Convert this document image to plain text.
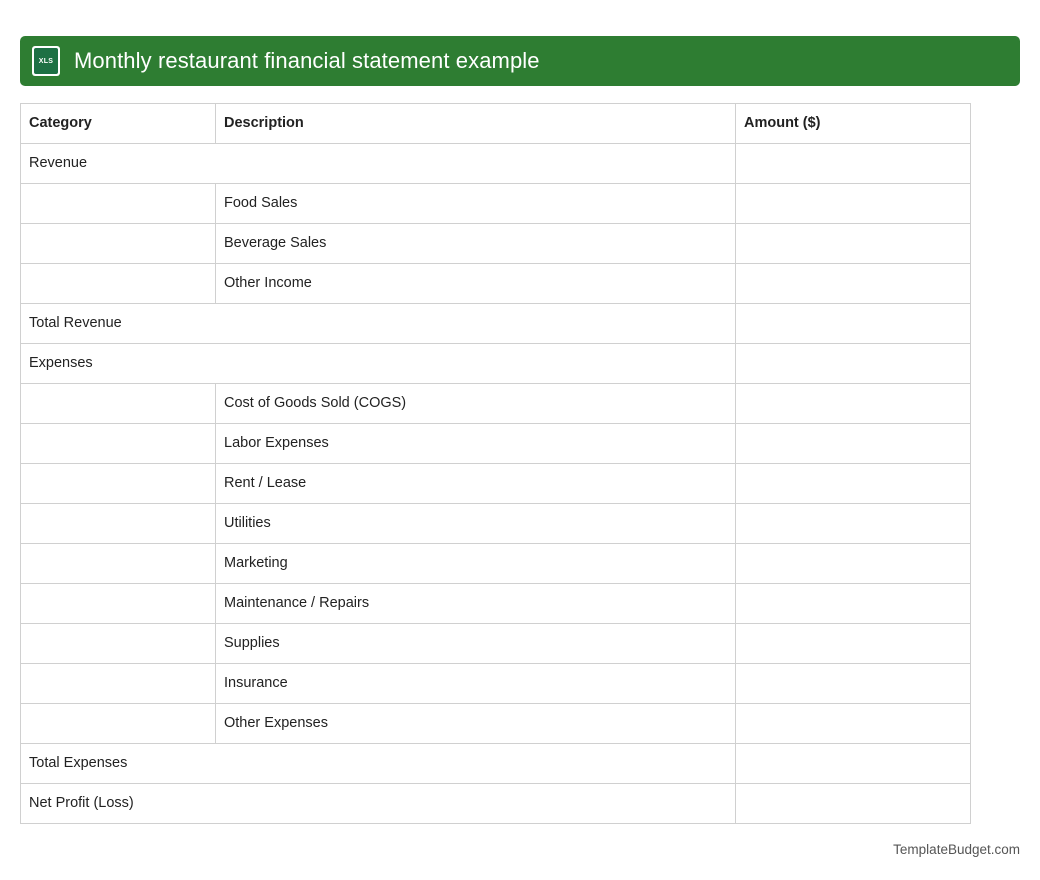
XLS Monthly restaurant financial statement example
Category	Description	Amount ($)
Revenue		
	Food Sales	
	Beverage Sales	
	Other Income	
Total Revenue		
Expenses		
	Cost of Goods Sold (COGS)	
	Labor Expenses	
	Rent / Lease	
	Utilities	
	Marketing	
	Maintenance / Repairs	
	Supplies	
	Insurance	
	Other Expenses	
Total Expenses		
Net Profit (Loss)		
TemplateBudget.com
